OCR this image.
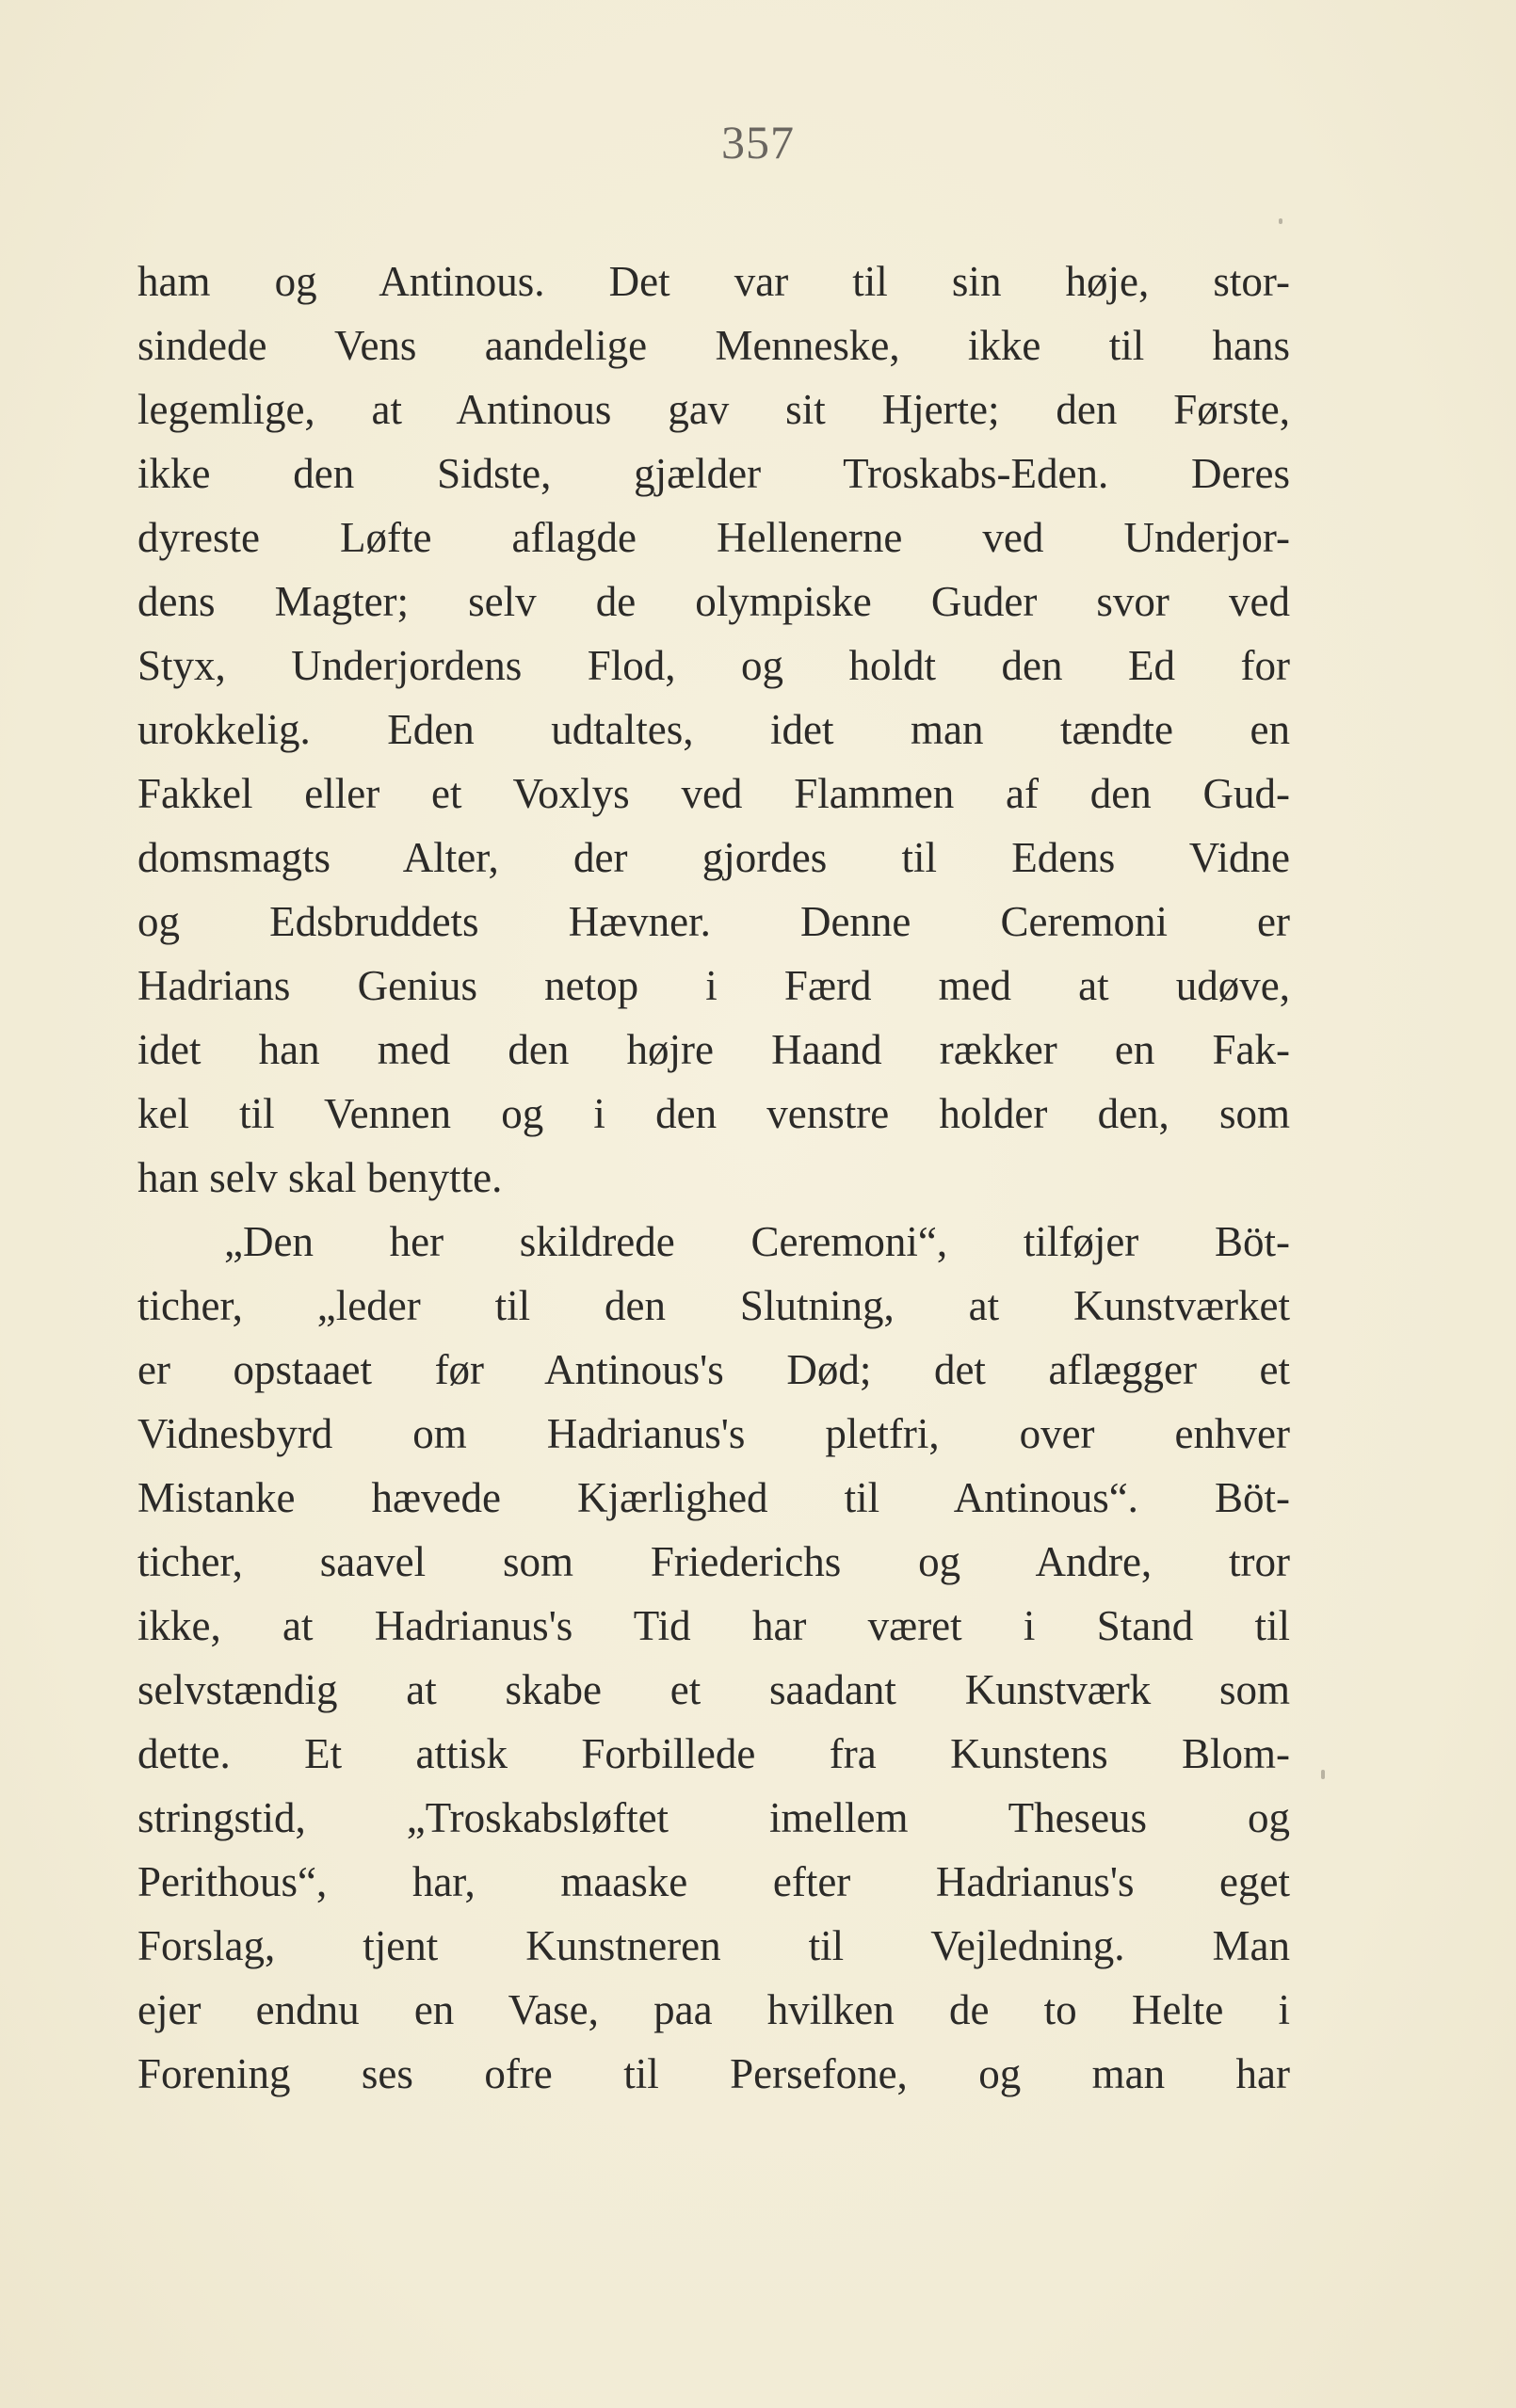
357
ham og Antinous. Det var til sin høje, stor-
sindede Vens aandelige Menneske, ikke til hans
legemlige, at Antinous gav sit Hjerte; den Første,
ikke den Sidste, gjælder Troskabs-Eden. Deres
dyreste Løfte aflagde Hellenerne ved Underjor-
dens Magter; selv de olympiske Guder svor ved
Styx, Underjordens Flod, og holdt den Ed for
urokkelig. Eden udtaltes, idet man tændte en
Fakkel eller et Voxlys ved Flammen af den Gud-
domsmagts Alter, der gjordes til Edens Vidne
og Edsbruddets Hævner. Denne Ceremoni er
Hadrians Genius netop i Færd med at udøve,
idet han med den højre Haand rækker en Fak-
kel til Vennen og i den venstre holder den, som
han selv skal benytte.
„Den her skildrede Ceremoni“, tilføjer Böt-
ticher, „leder til den Slutning, at Kunstværket
er opstaaet før Antinous's Død; det aflægger et
Vidnesbyrd om Hadrianus's pletfri, over enhver
Mistanke hævede Kjærlighed til Antinous“. Böt-
ticher, saavel som Friederichs og Andre, tror
ikke, at Hadrianus's Tid har været i Stand til
selvstændig at skabe et saadant Kunstværk som
dette. Et attisk Forbillede fra Kunstens Blom-
stringstid, „Troskabsløftet imellem Theseus og
Perithous“, har, maaske efter Hadrianus's eget
Forslag, tjent Kunstneren til Vejledning. Man
ejer endnu en Vase, paa hvilken de to Helte i
Forening ses ofre til Persefone, og man har
